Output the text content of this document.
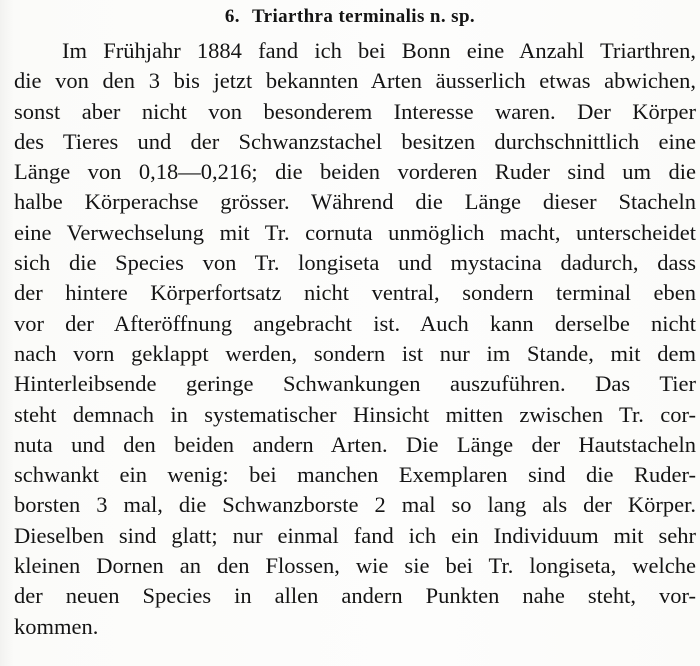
6. Triarthra terminalis n. sp.
Im Frühjahr 1884 fand ich bei Bonn eine Anzahl Triarthren,
die von den 3 bis jetzt bekannten Arten äusserlich etwas abwichen,
sonst aber nicht von besonderem Interesse waren. Der Körper
des Tieres und der Schwanzstachel besitzen durchschnittlich eine
Länge von 0,18—0,216; die beiden vorderen Ruder sind um die
halbe Körperachse grösser. Während die Länge dieser Stacheln
eine Verwechselung mit Tr. cornuta unmöglich macht, unterscheidet
sich die Species von Tr. longiseta und mystacina dadurch, dass
der hintere Körperfortsatz nicht ventral, sondern terminal eben
vor der Afteröffnung angebracht ist. Auch kann derselbe nicht
nach vorn geklappt werden, sondern ist nur im Stande, mit dem
Hinterleibsende geringe Schwankungen auszuführen. Das Tier
steht demnach in systematischer Hinsicht mitten zwischen Tr. cor-
nuta und den beiden andern Arten. Die Länge der Hautstacheln
schwankt ein wenig: bei manchen Exemplaren sind die Ruder-
borsten 3 mal, die Schwanzborste 2 mal so lang als der Körper.
Dieselben sind glatt; nur einmal fand ich ein Individuum mit sehr
kleinen Dornen an den Flossen, wie sie bei Tr. longiseta, welche
der neuen Species in allen andern Punkten nahe steht, vor-
kommen.
